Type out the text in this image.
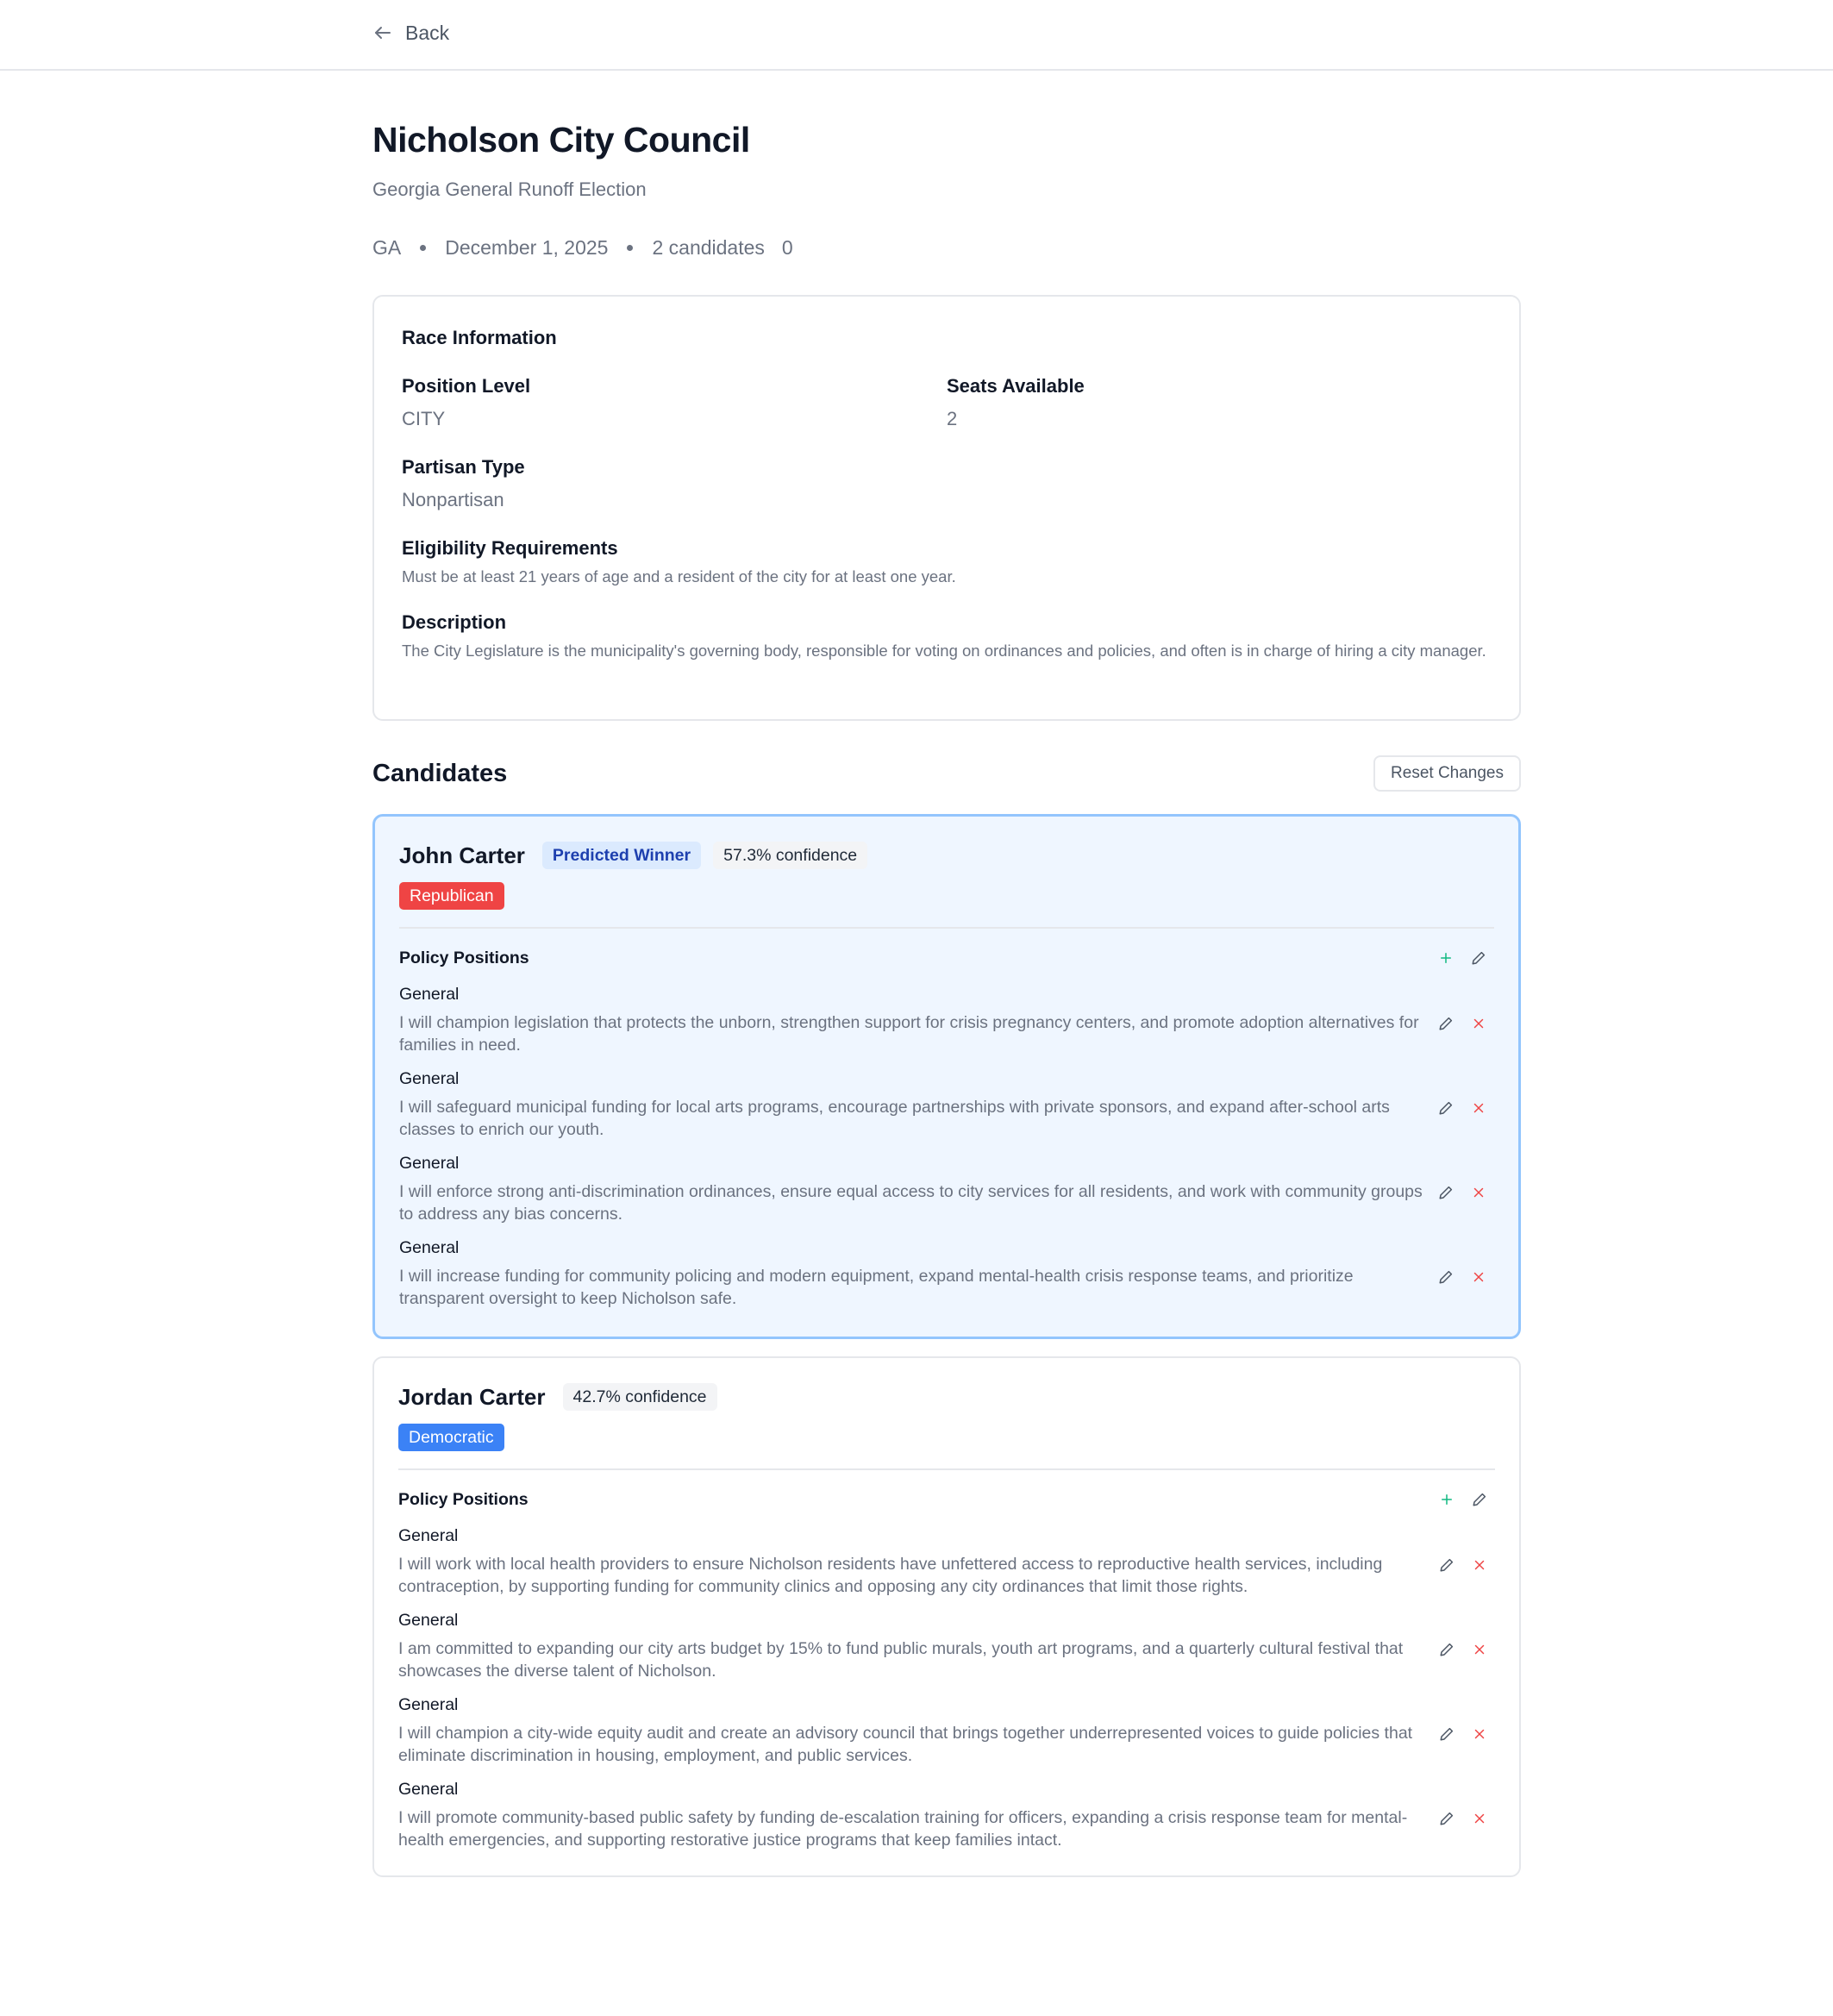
Back
Nicholson City Council
Georgia General Runoff Election
GA December 1, 2025 2 candidates 0
Race Information
Position Level
CITY
Seats Available
2
Partisan Type
Nonpartisan
Eligibility Requirements
Must be at least 21 years of age and a resident of the city for at least one year.
Description
The City Legislature is the municipality's governing body, responsible for voting on ordinances and policies, and often is in charge of hiring a city manager.
Candidates	Reset Changes
John Carter	Predicted Winner	57.3% confidence
Republican
Policy Positions
General
I will champion legislation that protects the unborn, strengthen support for crisis pregnancy centers, and promote adoption alternatives for families in need.
General
I will safeguard municipal funding for local arts programs, encourage partnerships with private sponsors, and expand after-school arts classes to enrich our youth.
General
I will enforce strong anti-discrimination ordinances, ensure equal access to city services for all residents, and work with community groups to address any bias concerns.
General
I will increase funding for community policing and modern equipment, expand mental-health crisis response teams, and prioritize transparent oversight to keep Nicholson safe.
Jordan Carter	42.7% confidence
Democratic
Policy Positions
General
I will work with local health providers to ensure Nicholson residents have unfettered access to reproductive health services, including contraception, by supporting funding for community clinics and opposing any city ordinances that limit those rights.
General
I am committed to expanding our city arts budget by 15% to fund public murals, youth art programs, and a quarterly cultural festival that showcases the diverse talent of Nicholson.
General
I will champion a city-wide equity audit and create an advisory council that brings together underrepresented voices to guide policies that eliminate discrimination in housing, employment, and public services.
General
I will promote community-based public safety by funding de-escalation training for officers, expanding a crisis response team for mental-health emergencies, and supporting restorative justice programs that keep families intact.
